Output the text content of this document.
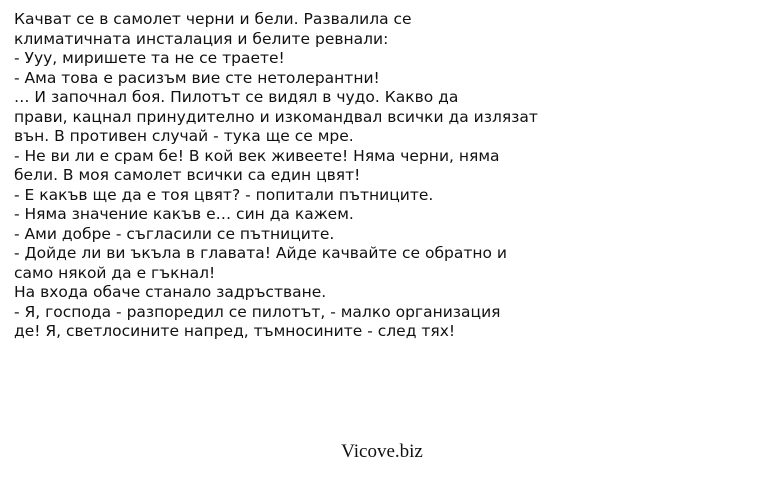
Качват се в самолет черни и бели. Развалила се
климатичната инсталация и белите ревнали:
- Ууу, миришете та не се траете!
- Ама това е расизъм вие сте нетолерантни!
… И започнал боя. Пилотът се видял в чудо. Какво да
прави, кацнал принудително и изкомандвал всички да излязат
вън. В противен случай - тука ще се мре.
- Не ви ли е срам бе! В кой век живеете! Няма черни, няма
бели. В моя самолет всички са един цвят!
- Е какъв ще да е тоя цвят? - попитали пътниците.
- Няма значение какъв е… син да кажем.
- Ами добре - съгласили се пътниците.
- Дойде ли ви ъкъла в главата! Айде качвайте се обратно и
само някой да е гъкнал!
На входа обаче станало задръстване.
- Я, господа - разпоредил се пилотът, - малко организация
де! Я, светлосините напред, тъмносините - след тях!
Vicove.biz
